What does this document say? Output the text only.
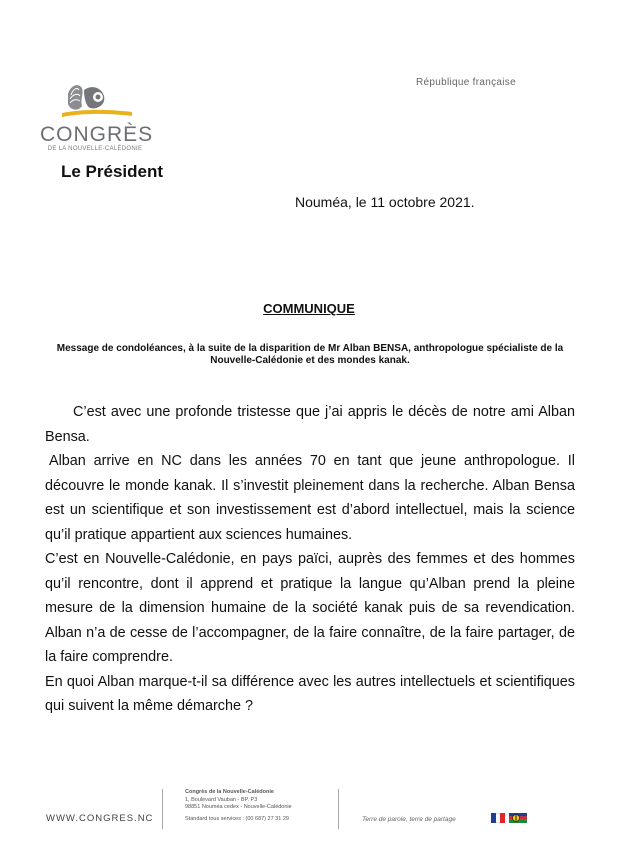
CONGRÈS
DE LA NOUVELLE-CALÉDONIE
Le Président
République française
Nouméa, le 11 octobre 2021.
COMMUNIQUE
Message de condoléances, à la suite de la disparition de Mr Alban BENSA, anthropologue spécialiste de la Nouvelle-Calédonie et des mondes kanak.

C’est avec une profonde tristesse que j’ai appris le décès de notre ami Alban Bensa.

Alban arrive en NC dans les années 70 en tant que jeune anthropologue. Il découvre le monde kanak. Il s’investit pleinement dans la recherche. Alban Bensa est un scientifique et son investissement est d’abord intellectuel, mais la science qu’il pratique appartient aux sciences humaines.

C’est en Nouvelle-Calédonie, en pays païci, auprès des femmes et des hommes qu’il rencontre, dont il apprend et pratique la langue qu’Alban prend la pleine mesure de la dimension humaine de la société kanak puis de sa revendication. Alban n’a de cesse de l’accompagner, de la faire connaître, de la faire partager, de la faire comprendre.

En quoi Alban marque-t-il sa différence avec les autres intellectuels et scientifiques qui suivent la même démarche ?

WWW.CONGRES.NC
Congrès de la Nouvelle-Calédonie
1, Boulevard Vauban - BP. P3
98851 Nouméa cedex - Nouvelle-Calédonie
Standard tous services : (00 687) 27 31 29	Terre de parole, terre de partage
